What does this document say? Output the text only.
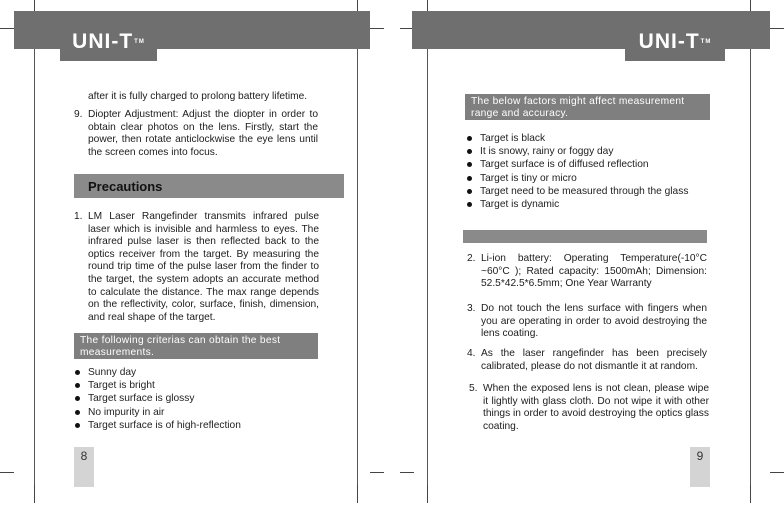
UNI-T TM
after it is fully charged to prolong battery lifetime.
9. Diopter Adjustment: Adjust the diopter in order to obtain clear photos on the lens. Firstly, start the power, then rotate anticlockwise the eye lens until the screen comes into focus.
Precautions
1. LM Laser Rangefinder transmits infrared pulse laser which is invisible and harmless to eyes. The infrared pulse laser is then reflected back to the optics receiver from the target. By measuring the round trip time of the pulse laser from the finder to the target, the system adopts an accurate method to calculate the distance. The max range depends on the reflectivity, color, surface, finish, dimension, and real shape of the target.
The following criterias can obtain the best measurements.
Sunny day
Target is bright
Target surface is glossy
No impurity in air
Target surface is of high-reflection
8
UNI-T TM
The below factors might affect measurement range and accuracy.
Target is black
It is snowy, rainy or foggy day
Target surface is of diffused reflection
Target is tiny or micro
Target need to be measured through the glass
Target is dynamic
2. Li-ion battery: Operating Temperature(-10°C ~60°C ); Rated capacity: 1500mAh; Dimension: 52.5*42.5*6.5mm; One Year Warranty
3. Do not touch the lens surface with fingers when you are operating in order to avoid destroying the lens coating.
4. As the laser rangefinder has been precisely calibrated, please do not dismantle it at random.
5. When the exposed lens is not clean, please wipe it lightly with glass cloth. Do not wipe it with other things in order to avoid destroying the optics glass coating.
9
